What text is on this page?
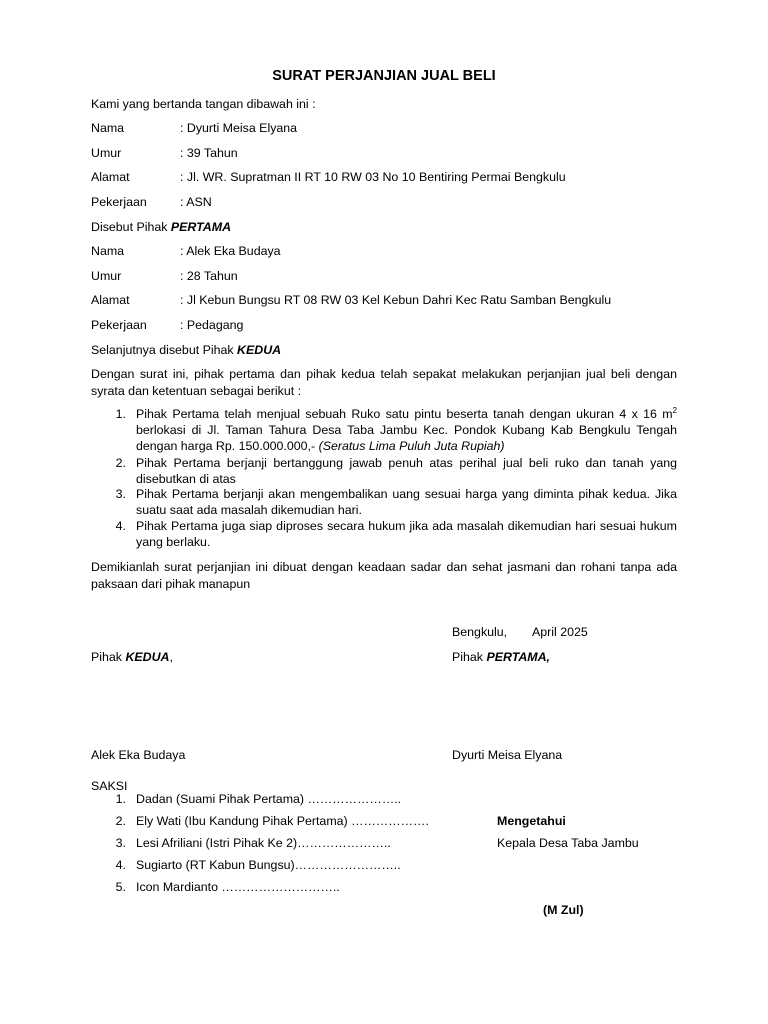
SURAT PERJANJIAN JUAL BELI
Kami yang bertanda tangan dibawah ini :
Nama	: Dyurti Meisa Elyana
Umur	: 39 Tahun
Alamat	: Jl. WR. Supratman II RT 10 RW 03 No 10 Bentiring Permai Bengkulu
Pekerjaan	: ASN
Disebut Pihak PERTAMA
Nama	: Alek Eka Budaya
Umur	: 28 Tahun
Alamat	: Jl Kebun Bungsu RT 08 RW 03 Kel Kebun Dahri Kec Ratu Samban Bengkulu
Pekerjaan	: Pedagang
Selanjutnya disebut Pihak KEDUA
Dengan surat ini, pihak pertama dan pihak kedua telah sepakat melakukan perjanjian jual beli dengan syrata dan ketentuan sebagai berikut :
1. Pihak Pertama telah menjual sebuah Ruko satu pintu beserta tanah dengan ukuran 4 x 16 $m^2$ berlokasi di Jl. Taman Tahura Desa Taba Jambu Kec. Pondok Kubang Kab Bengkulu Tengah dengan harga Rp. 150.000.000,- (Seratus Lima Puluh Juta Rupiah)
2. Pihak Pertama berjanji bertanggung jawab penuh atas perihal jual beli ruko dan tanah yang disebutkan di atas
3. Pihak Pertama berjanji akan mengembalikan uang sesuai harga yang diminta pihak kedua. Jika suatu saat ada masalah dikemudian hari.
4. Pihak Pertama juga siap diproses secara hukum jika ada masalah dikemudian hari sesuai hukum yang berlaku.
Demikianlah surat perjanjian ini dibuat dengan keadaan sadar dan sehat jasmani dan rohani tanpa ada paksaan dari pihak manapun
Bengkulu, April 2025
Pihak KEDUA,	Pihak PERTAMA,
Alek Eka Budaya	Dyurti Meisa Elyana
SAKSI
1. Dadan (Suami Pihak Pertama) …………………..
2. Ely Wati (Ibu Kandung Pihak Pertama) ……………….
3. Lesi Afriliani (Istri Pihak Ke 2)…………………..
4. Sugiarto (RT Kabun Bungsu)……………………..
5. Icon Mardianto ………………………..
Mengetahui
Kepala Desa Taba Jambu
(M Zul)
